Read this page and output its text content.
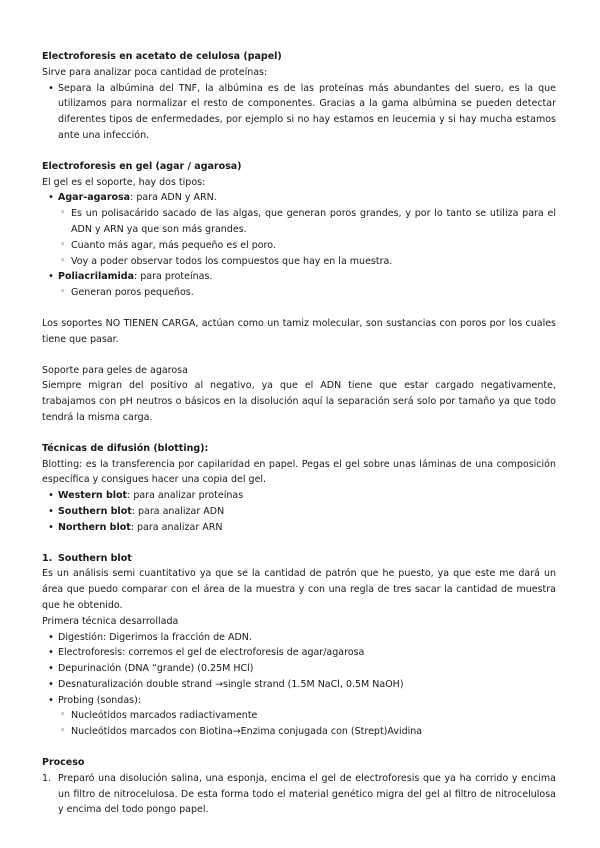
Electroforesis en acetato de celulosa (papel)

Sirve para analizar poca cantidad de proteínas:

• Separa la albúmina del TNF, la albúmina es de las proteínas más abundantes del suero, es la que utilizamos para normalizar el resto de componentes. Gracias a la gama albúmina se pueden detectar diferentes tipos de enfermedades, por ejemplo si no hay estamos en leucemia y si hay mucha estamos ante una infección.

Electroforesis en gel (agar / agarosa)

El gel es el soporte, hay dos tipos:

• Agar-agarosa: para ADN y ARN.
◦ Es un polisacárido sacado de las algas, que generan poros grandes, y por lo tanto se utiliza para el ADN y ARN ya que son más grandes.
◦ Cuanto más agar, más pequeño es el poro.
◦ Voy a poder observar todos los compuestos que hay en la muestra.
• Poliacrilamida: para proteínas.
◦ Generan poros pequeños.

Los soportes NO TIENEN CARGA, actúan como un tamiz molecular, son sustancias con poros por los cuales tiene que pasar.

Soporte para geles de agarosa

Siempre migran del positivo al negativo, ya que el ADN tiene que estar cargado negativamente, trabajamos con pH neutros o básicos en la disolución aquí la separación será solo por tamaño ya que todo tendrá la misma carga.

Técnicas de difusión (blotting):

Blotting: es la transferencia por capilaridad en papel. Pegas el gel sobre unas láminas de una composición específica y consigues hacer una copia del gel.

• Western blot: para analizar proteínas
• Southern blot: para analizar ADN
• Northern blot: para analizar ARN
1. Southern blot

Es un análisis semi cuantitativo ya que se la cantidad de patrón que he puesto, ya que este me dará un área que puedo comparar con el área de la muestra y con una regla de tres sacar la cantidad de muestra que he obtenido.

Primera técnica desarrollada

• Digestión: Digerimos la fracción de ADN.
• Electroforesis: corremos el gel de electroforesis de agar/agarosa
• Depurinación (DNA “grande) (0.25M HCl)
• Desnaturalización double strand →single strand (1.5M NaCl, 0.5M NaOH)
• Probing (sondas):
◦ Nucleótidos marcados radiactivamente
◦ Nucleótidos marcados con Biotina→Enzima conjugada con (Strept)Avidina

Proceso

1. Preparó una disolución salina, una esponja, encima el gel de electroforesis que ya ha corrido y encima un filtro de nitrocelulosa. De esta forma todo el material genético migra del gel al filtro de nitrocelulosa y encima del todo pongo papel.
